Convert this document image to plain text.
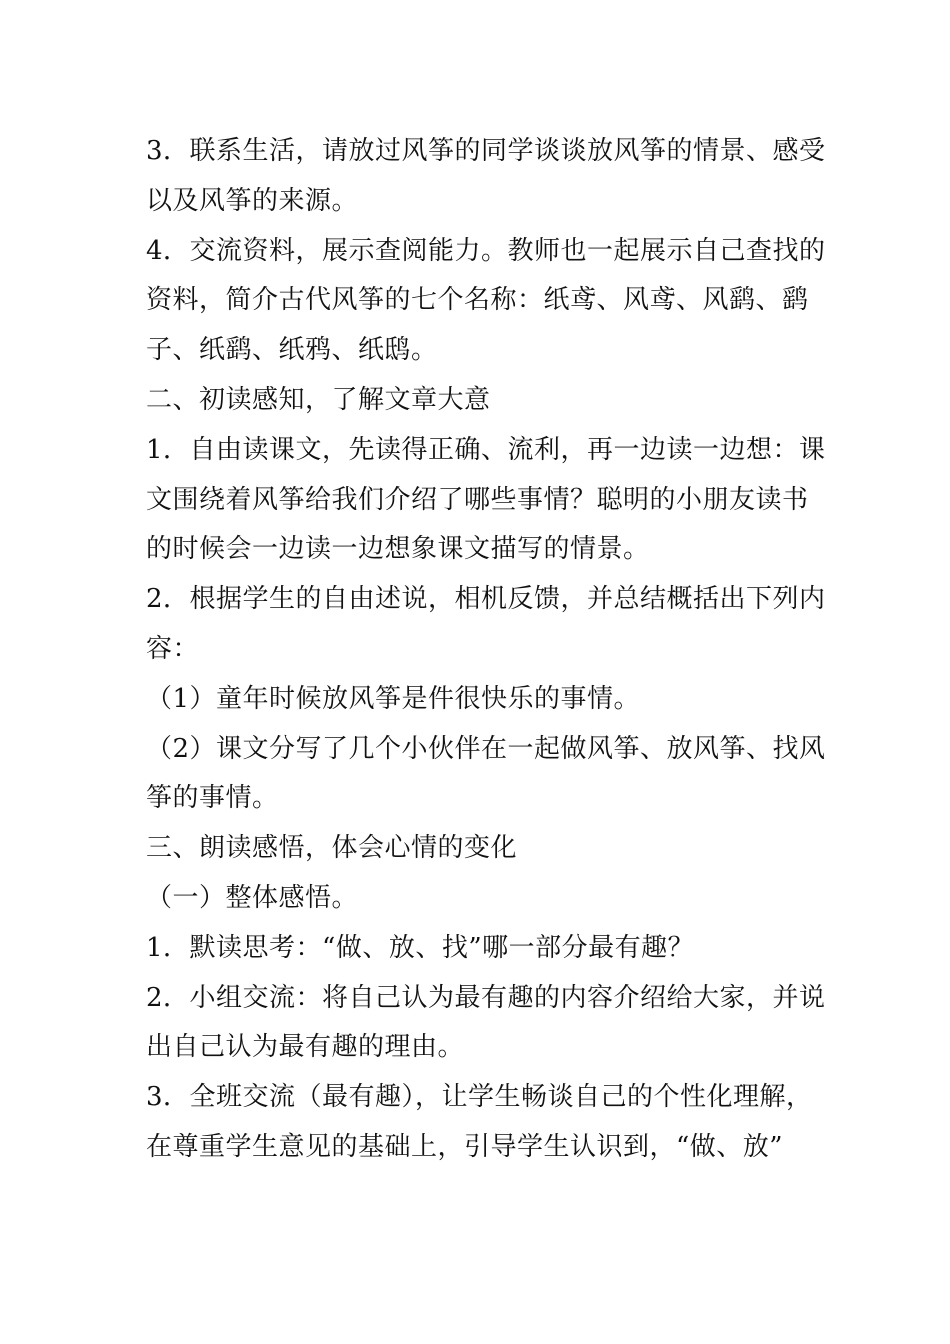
3．联系生活，请放过风筝的同学谈谈放风筝的情景、感受
以及风筝的来源。
4．交流资料，展示查阅能力。教师也一起展示自己查找的
资料，简介古代风筝的七个名称：纸鸢、风鸢、风鹞、鹞
子、纸鹞、纸鸦、纸鸱。
二、初读感知，了解文章大意
1．自由读课文，先读得正确、流利，再一边读一边想：课
文围绕着风筝给我们介绍了哪些事情？聪明的小朋友读书
的时候会一边读一边想象课文描写的情景。
2．根据学生的自由述说，相机反馈，并总结概括出下列内
容：
（1）童年时候放风筝是件很快乐的事情。
（2）课文分写了几个小伙伴在一起做风筝、放风筝、找风
筝的事情。
三、朗读感悟，体会心情的变化
（一）整体感悟。
1．默读思考：“做、放、找”哪一部分最有趣？
2．小组交流：将自己认为最有趣的内容介绍给大家，并说
出自己认为最有趣的理由。
3．全班交流（最有趣），让学生畅谈自己的个性化理解，
在尊重学生意见的基础上，引导学生认识到，“做、放”
